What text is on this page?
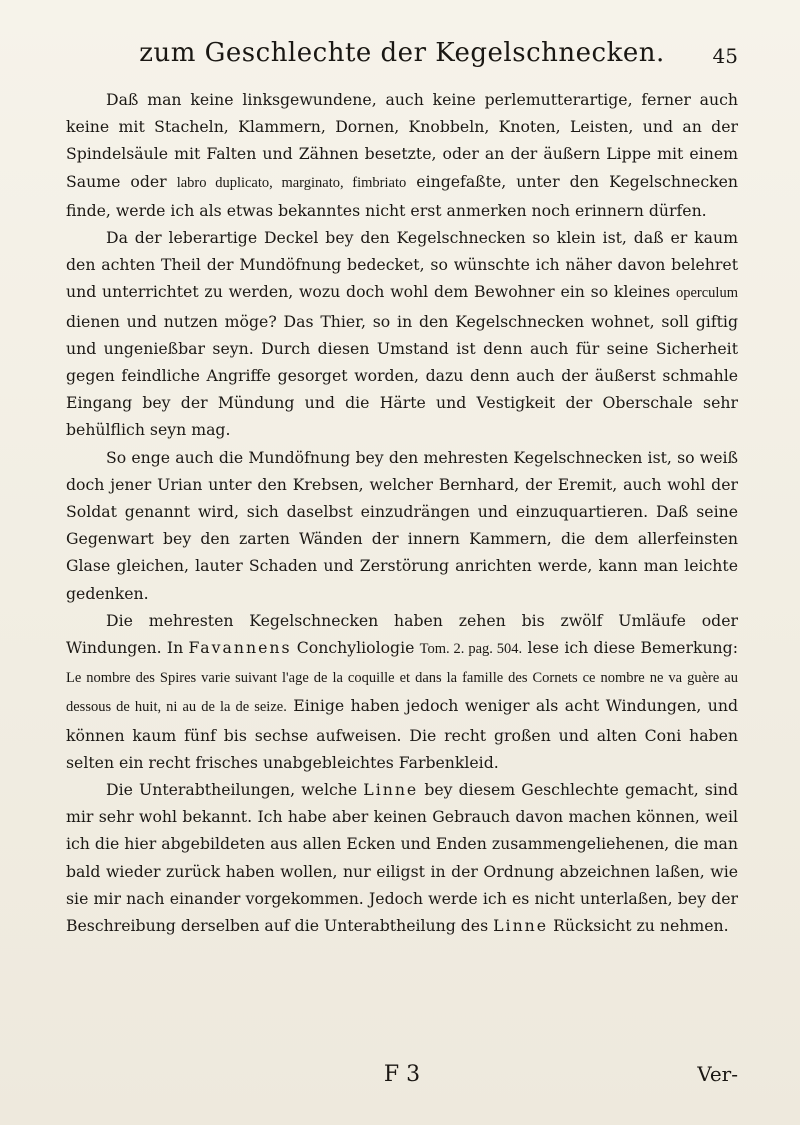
zum Geschlechte der Kegelschnecken.	45

Daß man keine linksgewundene, auch keine perlemutterartige, ferner auch keine mit Stacheln, Klammern, Dornen, Knobbeln, Knoten, Leisten, und an der Spindelsäule mit Falten und Zähnen besetzte, oder an der äußern Lippe mit einem Saume oder labro duplicato, marginato, fimbriato eingefaßte, unter den Kegelschnecken finde, werde ich als etwas bekanntes nicht erst anmerken noch erinnern dürfen.

Da der leberartige Deckel bey den Kegelschnecken so klein ist, daß er kaum den achten Theil der Mundöfnung bedecket, so wünschte ich näher davon belehret und unterrichtet zu werden, wozu doch wohl dem Bewohner ein so kleines operculum dienen und nutzen möge? Das Thier, so in den Kegelschnecken wohnet, soll giftig und ungenießbar seyn. Durch diesen Umstand ist denn auch für seine Sicherheit gegen feindliche Angriffe gesorget worden, dazu denn auch der äußerst schmahle Eingang bey der Mündung und die Härte und Vestigkeit der Oberschale sehr behülflich seyn mag.

So enge auch die Mundöfnung bey den mehresten Kegelschnecken ist, so weiß doch jener Urian unter den Krebsen, welcher Bernhard, der Eremit, auch wohl der Soldat genannt wird, sich daselbst einzudrängen und einzuquartieren. Daß seine Gegenwart bey den zarten Wänden der innern Kammern, die dem allerfeinsten Glase gleichen, lauter Schaden und Zerstörung anrichten werde, kann man leichte gedenken.

Die mehresten Kegelschnecken haben zehen bis zwölf Umläufe oder Windungen. In Favannens Conchyliologie Tom. 2. pag. 504. lese ich diese Bemerkung: Le nombre des Spires varie suivant l'age de la coquille et dans la famille des Cornets ce nombre ne va guère au dessous de huit, ni au de la de seize. Einige haben jedoch weniger als acht Windungen, und können kaum fünf bis sechse aufweisen. Die recht großen und alten Coni haben selten ein recht frisches unabgebleichtes Farbenkleid.

Die Unterabtheilungen, welche Linne bey diesem Geschlechte gemacht, sind mir sehr wohl bekannt. Ich habe aber keinen Gebrauch davon machen können, weil ich die hier abgebildeten aus allen Ecken und Enden zusammengeliehenen, die man bald wieder zurück haben wollen, nur eiligst in der Ordnung abzeichnen laßen, wie sie mir nach einander vorgekommen. Jedoch werde ich es nicht unterlaßen, bey der Beschreibung derselben auf die Unterabtheilung des Linne Rücksicht zu nehmen.

F 3	Ver-
